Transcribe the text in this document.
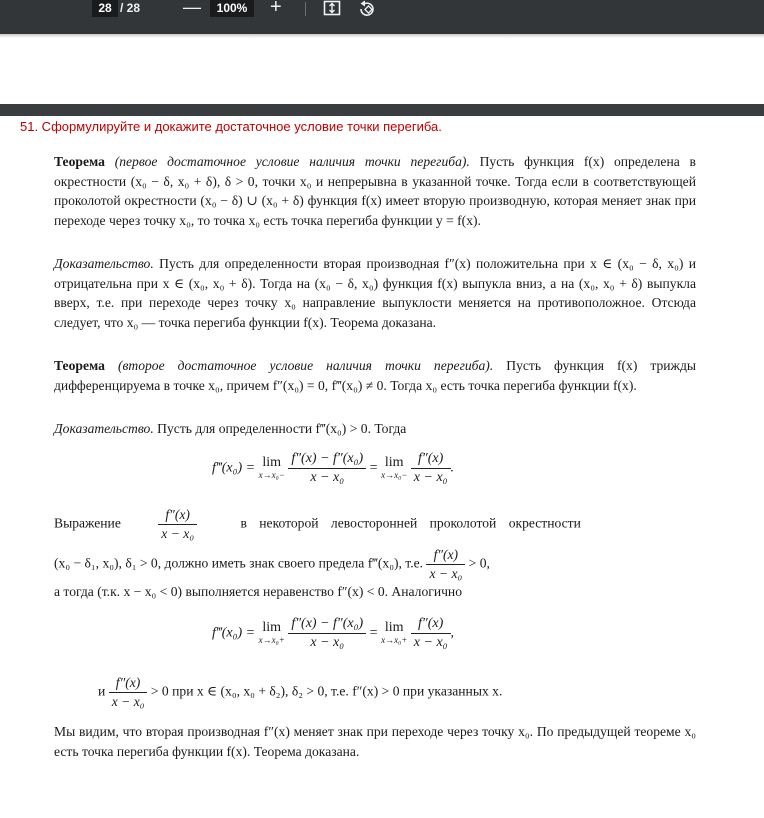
28 / 28 —	100%	+
51. Сформулируйте и докажите достаточное условие точки перегиба.
Теорема (первое достаточное условие наличия точки перегиба). Пусть функция f(x) определена в окрестности (x₀ − δ, x₀ + δ), δ > 0, точки x₀ и непрерывна в указанной точке. Тогда если в соответствующей проколотой окрестности (x₀ − δ) ∪ (x₀ + δ) функция f(x) имеет вторую производную, которая меняет знак при переходе через точку x₀, то точка x₀ есть точка перегиба функции y = f(x).
Доказательство. Пусть для определенности вторая производная f″(x) положительна при x ∈ (x₀ − δ, x₀) и отрицательна при x ∈ (x₀, x₀ + δ). Тогда на (x₀ − δ, x₀) функция f(x) выпукла вниз, а на (x₀, x₀ + δ) выпукла вверх, т.е. при переходе через точку x₀ направление выпуклости меняется на противоположное. Отсюда следует, что x₀ — точка перегиба функции f(x). Теорема доказана.
Теорема (второе достаточное условие наличия точки перегиба). Пусть функция f(x) трижды дифференцируема в точке x₀, причем f″(x₀) = 0, f‴(x₀) ≠ 0. Тогда x₀ есть точка перегиба функции f(x).
Доказательство. Пусть для определенности f‴(x₀) > 0. Тогда
f‴(x₀) = lim
x→x₀−
$\frac{\text{f″(x) − f″(x₀)}}{\text{x − x₀}} = \lim$
x→x₀−
$\frac{f''(x)}{\text{x − x₀}}$ .
Выражение	$\frac{f''(x)}{\text{x − x₀}}$	в некоторой левосторонней проколотой окрестности
(x₀ − δ₁, x₀), δ₁ > 0, должно иметь знак своего предела f‴(x₀), т.е. $\frac{f''(x)}{\text{x − x₀}} > 0$,
а тогда (т.к. x − x₀ < 0) выполняется неравенство f″(x) < 0. Аналогично
f‴(x₀) = lim
x→x₀+
$\frac{\text{f″(x) − f″(x₀)}}{\text{x − x₀}} = \lim$
x→x₀+
$\frac{f''(x)}{\text{x − x₀}}$ ,
и $\frac{f''(x)}{\text{x − x₀}} > 0$ при x ∈ (x₀, x₀ + δ₂), δ₂ > 0, т.е. f″(x) > 0 при указанных x.
Мы видим, что вторая производная f″(x) меняет знак при переходе через точку x₀. По предыдущей теореме x₀ есть точка перегиба функции f(x). Теорема доказана.
